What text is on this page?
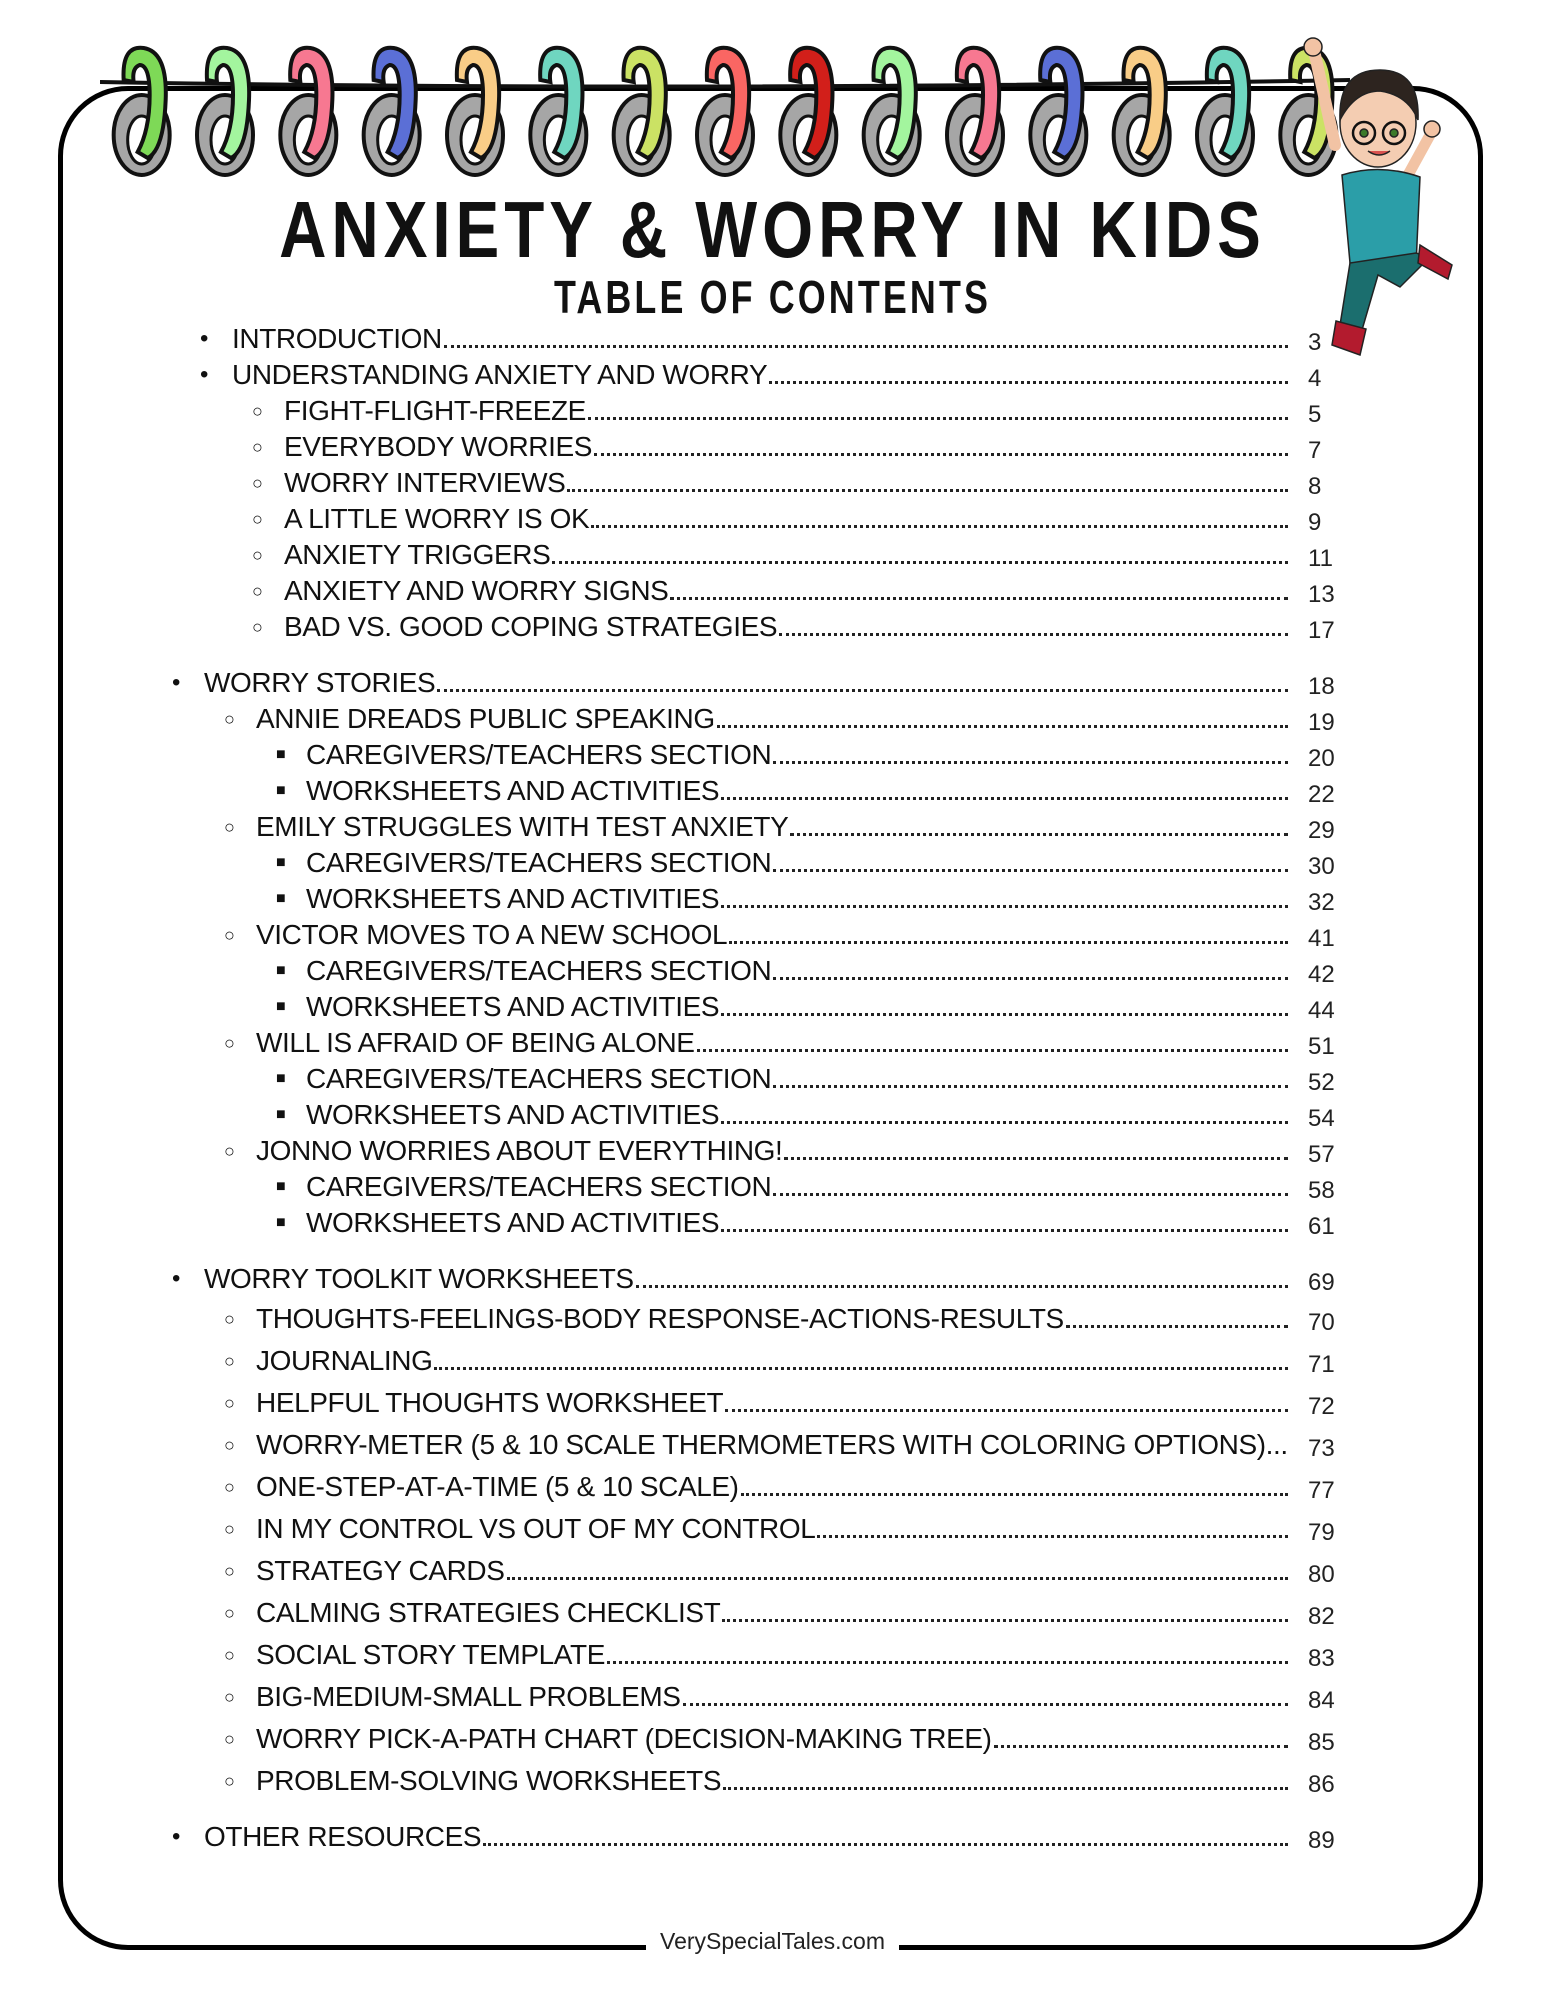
ANXIETY & WORRY IN KIDS
TABLE OF CONTENTS
• INTRODUCTION	3
• UNDERSTANDING ANXIETY AND WORRY	4
○ FIGHT-FLIGHT-FREEZE	5
○ EVERYBODY WORRIES	7
○ WORRY INTERVIEWS	8
○ A LITTLE WORRY IS OK	9
○ ANXIETY TRIGGERS	11
○ ANXIETY AND WORRY SIGNS	13
○ BAD VS. GOOD COPING STRATEGIES	17
• WORRY STORIES	18
○ ANNIE DREADS PUBLIC SPEAKING	19
■ CAREGIVERS/TEACHERS SECTION	20
■ WORKSHEETS AND ACTIVITIES	22
○ EMILY STRUGGLES WITH TEST ANXIETY	29
■ CAREGIVERS/TEACHERS SECTION	30
■ WORKSHEETS AND ACTIVITIES	32
○ VICTOR MOVES TO A NEW SCHOOL	41
■ CAREGIVERS/TEACHERS SECTION	42
■ WORKSHEETS AND ACTIVITIES	44
○ WILL IS AFRAID OF BEING ALONE	51
■ CAREGIVERS/TEACHERS SECTION	52
■ WORKSHEETS AND ACTIVITIES	54
○ JONNO WORRIES ABOUT EVERYTHING!	57
■ CAREGIVERS/TEACHERS SECTION	58
■ WORKSHEETS AND ACTIVITIES	61
• WORRY TOOLKIT WORKSHEETS	69
○ THOUGHTS-FEELINGS-BODY RESPONSE-ACTIONS-RESULTS	70
○ JOURNALING	71
○ HELPFUL THOUGHTS WORKSHEET	72
○ WORRY-METER (5 & 10 SCALE THERMOMETERS WITH COLORING OPTIONS)... 73
○ ONE-STEP-AT-A-TIME (5 & 10 SCALE)	77
○ IN MY CONTROL VS OUT OF MY CONTROL	79
○ STRATEGY CARDS	80
○ CALMING STRATEGIES CHECKLIST	82
○ SOCIAL STORY TEMPLATE	83
○ BIG-MEDIUM-SMALL PROBLEMS	84
○ WORRY PICK-A-PATH CHART (DECISION-MAKING TREE)	85
○ PROBLEM-SOLVING WORKSHEETS	86
• OTHER RESOURCES	89
VerySpecialTales.com
